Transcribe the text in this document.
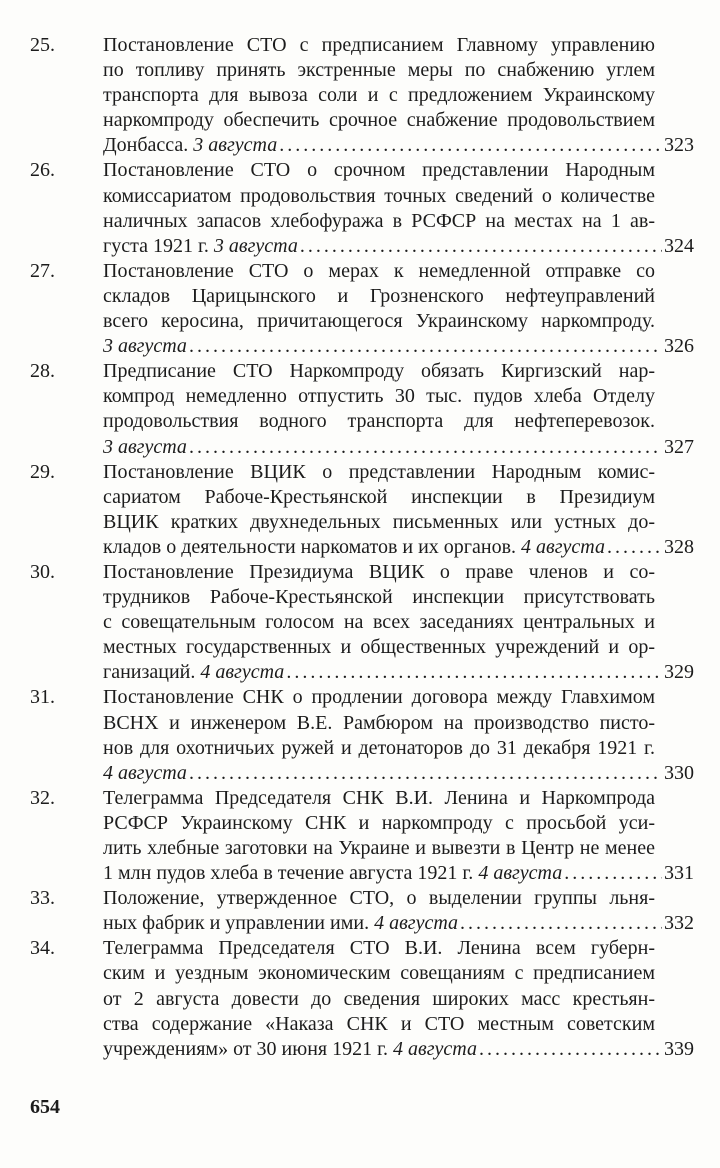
25. Постановление СТО с предписанием Главному управлению
по топливу принять экстренные меры по снабжению углем
транспорта для вывоза соли и с предложением Украинскому
наркомпроду обеспечить срочное снабжение продовольствием
Донбасса. 3 августа . . .	323
26. Постановление СТО о срочном представлении Народным
комиссариатом продовольствия точных сведений о количестве
наличных запасов хлебофуража в РСФСР на местах на 1 ав-
густа 1921 г. 3 августа . . .	324
27. Постановление СТО о мерах к немедленной отправке со
складов Царицынского и Грозненского нефтеуправлений
всего керосина, причитающегося Украинскому наркомпроду.
3 августа . . .	326
28. Предписание СТО Наркомпроду обязать Киргизский нар-
компрод немедленно отпустить 30 тыс. пудов хлеба Отделу
продовольствия водного транспорта для нефтеперевозок.
3 августа . . .	327
29. Постановление ВЦИК о представлении Народным комис-
сариатом Рабоче-Крестьянской инспекции в Президиум
ВЦИК кратких двухнедельных письменных или устных до-
кладов о деятельности наркоматов и их органов. 4 августа . . .	328
30. Постановление Президиума ВЦИК о праве членов и со-
трудников Рабоче-Крестьянской инспекции присутствовать
с совещательным голосом на всех заседаниях центральных и
местных государственных и общественных учреждений и ор-
ганизаций. 4 августа . . .	329
31. Постановление СНК о продлении договора между Главхимом
ВСНХ и инженером В.Е. Рамбюром на производство писто-
нов для охотничьих ружей и детонаторов до 31 декабря 1921 г.
4 августа . . .	330
32. Телеграмма Председателя СНК В.И. Ленина и Наркомпрода
РСФСР Украинскому СНК и наркомпроду с просьбой уси-
лить хлебные заготовки на Украине и вывезти в Центр не менее
1 млн пудов хлеба в течение августа 1921 г. 4 августа . . .	331
33. Положение, утвержденное СТО, о выделении группы льня-
ных фабрик и управлении ими. 4 августа . . .	332
34. Телеграмма Председателя СТО В.И. Ленина всем губерн-
ским и уездным экономическим совещаниям с предписанием
от 2 августа довести до сведения широких масс крестьян-
ства содержание «Наказа СНК и СТО местным советским
учреждениям» от 30 июня 1921 г. 4 августа . . .	339
654
